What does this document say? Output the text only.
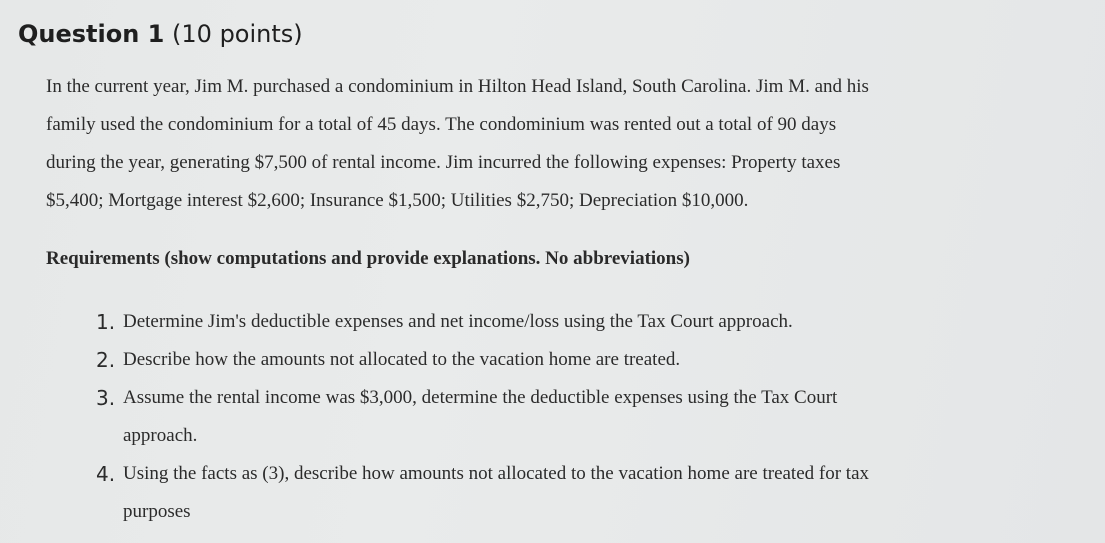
Question 1 (10 points)
In the current year, Jim M. purchased a condominium in Hilton Head Island, South Carolina. Jim M. and his
family used the condominium for a total of 45 days. The condominium was rented out a total of 90 days
during the year, generating $7,500 of rental income. Jim incurred the following expenses: Property taxes
$5,400; Mortgage interest $2,600; Insurance $1,500; Utilities $2,750; Depreciation $10,000.
Requirements (show computations and provide explanations. No abbreviations)
1. Determine Jim's deductible expenses and net income/loss using the Tax Court approach.
2. Describe how the amounts not allocated to the vacation home are treated.
3. Assume the rental income was $3,000, determine the deductible expenses using the Tax Court
approach.
4. Using the facts as (3), describe how amounts not allocated to the vacation home are treated for tax
purposes
